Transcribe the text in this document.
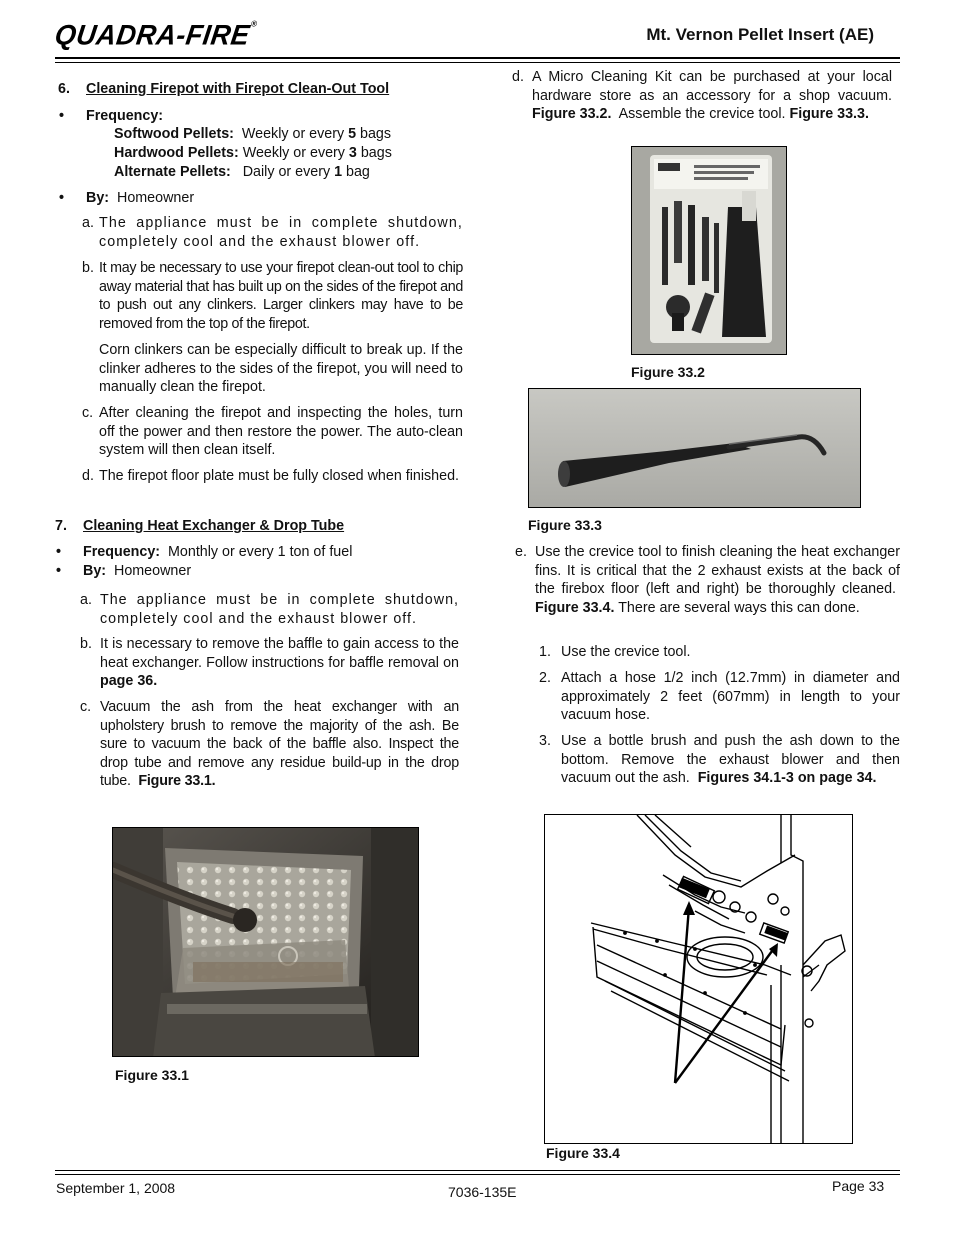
QUADRA-FIRE®
Mt. Vernon Pellet Insert (AE)
6. Cleaning Firepot with Firepot Clean-Out Tool
• Frequency:
Softwood Pellets: Weekly or every 5 bags
Hardwood Pellets: Weekly or every 3 bags
Alternate Pellets: Daily or every 1 bag
• By: Homeowner
a. The appliance must be in complete shutdown, completely cool and the exhaust blower off.
b. It may be necessary to use your firepot clean-out tool to chip away material that has built up on the sides of the firepot and to push out any clinkers. Larger clinkers may have to be removed from the top of the firepot.
Corn clinkers can be especially difficult to break up. If the clinker adheres to the sides of the firepot, you will need to manually clean the firepot.
c. After cleaning the firepot and inspecting the holes, turn off the power and then restore the power. The auto-clean system will then clean itself.
d. The firepot floor plate must be fully closed when finished.
7. Cleaning Heat Exchanger & Drop Tube
• Frequency: Monthly or every 1 ton of fuel
• By: Homeowner
a. The appliance must be in complete shutdown, completely cool and the exhaust blower off.
b. It is necessary to remove the baffle to gain access to the heat exchanger. Follow instructions for baffle removal on page 36.
c. Vacuum the ash from the heat exchanger with an upholstery brush to remove the majority of the ash. Be sure to vacuum the back of the baffle also. Inspect the drop tube and remove any residue build-up in the drop tube. Figure 33.1.
Figure 33.1
d. A Micro Cleaning Kit can be purchased at your local hardware store as an accessory for a shop vacuum. Figure 33.2. Assemble the crevice tool. Figure 33.3.
Figure 33.2
Figure 33.3
e. Use the crevice tool to finish cleaning the heat exchanger fins. It is critical that the 2 exhaust exists at the back of the firebox floor (left and right) be thoroughly cleaned.  Figure 33.4. There are several ways this can done.
1. Use the crevice tool.
2. Attach a hose 1/2 inch (12.7mm) in diameter and approximately 2 feet (607mm) in length to your vacuum hose.
3. Use a bottle brush and push the ash down to the bottom. Remove the exhaust blower and then vacuum out the ash. Figures 34.1-3 on page 34.
Figure 33.4
September 1, 2008	7036-135E	Page 33
